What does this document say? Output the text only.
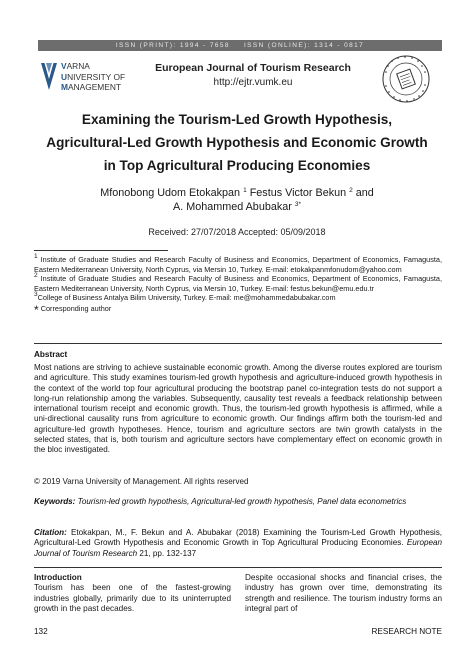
ISSN (PRINT): 1994 - 7658 ISSN (ONLINE): 1314 - 0817
VARNA
UNIVERSITY OF
MANAGEMENT
European Journal of Tourism Research
http://ejtr.vumk.eu
Examining the Tourism-Led Growth Hypothesis,
Agricultural-Led Growth Hypothesis and Economic Growth
in Top Agricultural Producing Economies
Mfonobong Udom Etokakpan $^1$ Festus Victor Bekun $^2$ and
A. Mohammed Abubakar $^{3*}$
Received: 27/07/2018 Accepted: 05/09/2018
$^1$ Institute of Graduate Studies and Research Faculty of Business and Economics, Department of Economics, Famagusta, Eastern Mediterranean University, North Cyprus, via Mersin 10, Turkey. E-mail: etokakpanmfonudom@yahoo.com
$^2$ Institute of Graduate Studies and Research Faculty of Business and Economics, Department of Economics, Famagusta, Eastern Mediterranean University, North Cyprus, via Mersin 10, Turkey. E-mail: festus.bekun@emu.edu.tr
$^3$College of Business Antalya Bilim University, Turkey. E-mail: me@mohammedabubakar.com
* Corresponding author
Abstract
Most nations are striving to achieve sustainable economic growth. Among the diverse routes explored are tourism and agriculture. This study examines tourism-led growth hypothesis and agriculture-induced growth hypothesis in the context of the world top four agricultural producing the bootstrap panel co-integration tests do not support a long-run relationship among the variables. Subsequently, causality test reveals a feedback relationship between international tourism receipt and economic growth. Thus, the tourism-led growth hypothesis is affirmed, while a uni-directional causality runs from agriculture to economic growth. Our findings affirm both the tourism-led and agriculture-led growth hypotheses. Hence, tourism and agriculture sectors are twin growth catalysts in the selected states, that is, both tourism and agriculture sectors have complementary effect on economic growth in the bloc investigated.
© 2019 Varna University of Management. All rights reserved
Keywords: Tourism-led growth hypothesis, Agricultural-led growth hypothesis, Panel data econometrics
Citation: Etokakpan, M., F. Bekun and A. Abubakar (2018) Examining the Tourism-Led Growth Hypothesis, Agricultural-Led Growth Hypothesis and Economic Growth in Top Agricultural Producing Economies. European Journal of Tourism Research 21, pp. 132-137
Introduction
Tourism has been one of the fastest-growing industries globally, primarily due to its uninterrupted growth in the past decades.
Despite occasional shocks and financial crises, the industry has grown over time, demonstrating its strength and resilience. The tourism industry forms an integral part of
132	RESEARCH NOTE
